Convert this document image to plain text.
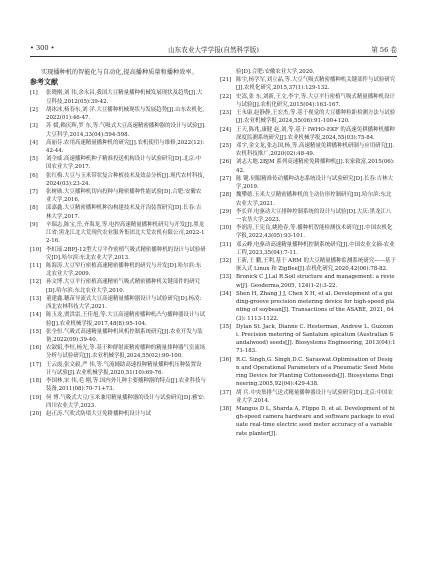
• 300 •	山东农业大学学报(自然科学版)	第 56 卷

实现播种机的智能化与自动化,提高播种质量和播种效率。

参考文献

[1] 张晓刚,刘 伟,余永昌,我国大豆精量播种机械发展现状及趋势[J].大豆科技,2012(05):39-42.

[2] 胡冰冰,杨春东,刘 洋.大豆播种机械现状与发展趋势[J].山东农机化,2022(01):46-47.

[3] 苏 媛,赖庆辉,罗 东,等.气吸式大豆高速精密播种器的设计与试验[J].大豆科学,2014,33(04):594-598.

[4] 高丽芬.农用高速精量播种机的研究[J].农机使用与维修,2022(12):42-44.

[5] 刘全威.高速播种机种子精准投送机构设计与试验研究[D].北京:中国农业大学,2017.

[6] 张红梅.大豆与玉米带状复合种植技术及效益分析[J].现代农村科技,2024(03):23-24.

[7] 张树勋.大豆播种机切向投种与精密播种性能试验[D].合肥:安徽农业大学,2016.

[8] 邱嘉鑫.大豆精密播种机种沟构建技术及开沟装置研究[D].长春:吉林大学,2017.

[9] 辛瑞志,陈宝,岳,齐海龙,等.电控高速精量播种机研究与开发[J].黑龙江省:黑龙江北大荒现代农业服务集团北大荒农机有限公司,2022-12-16.

[10] 李虹瑶.2BPJ-12型大豆平作密植气吸式精密播种机的设计与试验研究[D].哈尔滨:东北农业大学,2013.

[11] 陈海涛.大豆窄行密植高速精密播种机的研究与开发[D].哈尔滨:东北农业大学,2009.

[12] 孙文博.大豆平行密植高速精密气吸式精密播种机关键部件的研究[D].哈尔滨:东北农业大学,2010.

[13] 董建鑫.穗苗导流式大豆高速精量播种器设计与试验研究[D].杨凌:西北农林科技大学,2021.

[14] 陈玉龙,贾洪雷,王佳旭,等.大豆高速精密播种机凸勺播种器设计与试验[J].农业机械学报,2017,48(8):95-104.

[15] 张全恒.气吸式高速精量播种机风机控制系统研究[J].农业开发与装备,2022(09):39-40.

[16] 农淑娟,李恒,杨光,等.基于种群射流精密播种的精量排种器气室流场分析与试验研究[J].农业机械学报,2024,55(02):90-100.

[17] 王云霞,张文毅,严 伟,等.气流辅助高速投种精量播种机压种装置设计与试验[J].农业机械学报,2020,51(10):69-76.

[18] 李国林,宋 伟,毛 刚,等.国内外几种主要播种器的特点[J].农业科技与装备,2011(08):70-71+73.

[19] 何 博.气吸式大豆/玉米兼用精量播种器的设计与试验研究[D].雅安:四川农业大学,2023.

[20] 赵正涛.气吹式防堵大豆免耕播种机设计与试

验[D].合肥:安徽农业大学,2020.

[21] 陈宇,杨学军,刘立晶,等.大豆气吸式精密播种机关键部件与试验研究[J].农机化研究,2015,37(1):129-132.

[22] 史嵩,张 东,刘新,王文,李宇,等.大豆平行密植气吸式精量播种机设计与试验[J].农机化研究,2015(04):163-167.

[23] 王永康,赵静静,王宏杰,等.基于视觉的大豆播种粒距检测方法与试验[J].农业机械学报,2024,55(06):91-100+120.

[24] 王天,陈兆,康健 赵,刘,等.基于 IWHO-EKF 的高速免耕播种机播种深度监测系统研究[J].农业机械学报,2024,55(03):75-84.

[25] 邓宇,金文龙,张志国,杨,等.高速精量免耕播种机研制与应用研究[J].农机科技推广,2020(02):48-49.

[26] 刘志大地.2BJM 系列高速精密免耕播种机[J].农家致富,2015(06):42.

[27] 陈 键.伺服精准传动播种动态系统设计与试验研究[D].长春:吉林大学,2019.

[28] 魏攀德.玉米大豆精密播种机的主动仿形控制研究[D].哈尔滨:东北农业大学,2021.

[29] 李长祥.电驱动大豆排种控制系统的设计与试验[D].大庆:黑龙江八一农垦大学,2023.

[30] 李润涛,王宪良,姚艳春,等.播种机智能检测技术研究[J].中国农机化学报,2022,43(05):93-101.

[31] 邓云峰,电驱动高速精量播种机控制系统研究[J].中国农业文摘-农业工程,2023,35(04):7-11.

[32] 王新,王 鹏,王利,基于 ARM 的大豆精量播种监测系统研究——基于嵌入式 Linux 和 ZigBee[J].农机化研究,2020,42(06):78-82.

[33] Bronick C J,Lal R.Soil structure and management: a review[J]. Geoderma,2005, 124(1-2):3-22.

[34] Shen H, Zhang J J, Chen X H, et al. Development of a guiding-groove precision metering device for high-speed planting of soybean[J]. Transactions of the ASABE, 2021, 64(3): 1113-1122.

[35] Dylan St. Jack, Dianne C. Hesterman, Andrew L. Guzzomi. Precision metering of Santalum spicatum (Australian Sandalwood) seeds[J]. Biosystems Engineering, 2013(04):171-183.

[36] R.C. Singh,G. Singh,D.C. Saraswat.Optimisation of Design and Operational Parameters of a Pneumatic Seed Metering Device for Planting Cottonseeds[J]. Biosystems Engineering,2005,92(04):429-438.

[37] 胡 兵.中央集排气送式精量播种器设计与试验研究[D].北京:中国农业大学,2014.

[38] Mangus D L, Sharda A, Flippo D, et al. Development of high-speed camera hardware and software package to evaluate real-time electric seed meter accuracy of a variable rate planter[J].
